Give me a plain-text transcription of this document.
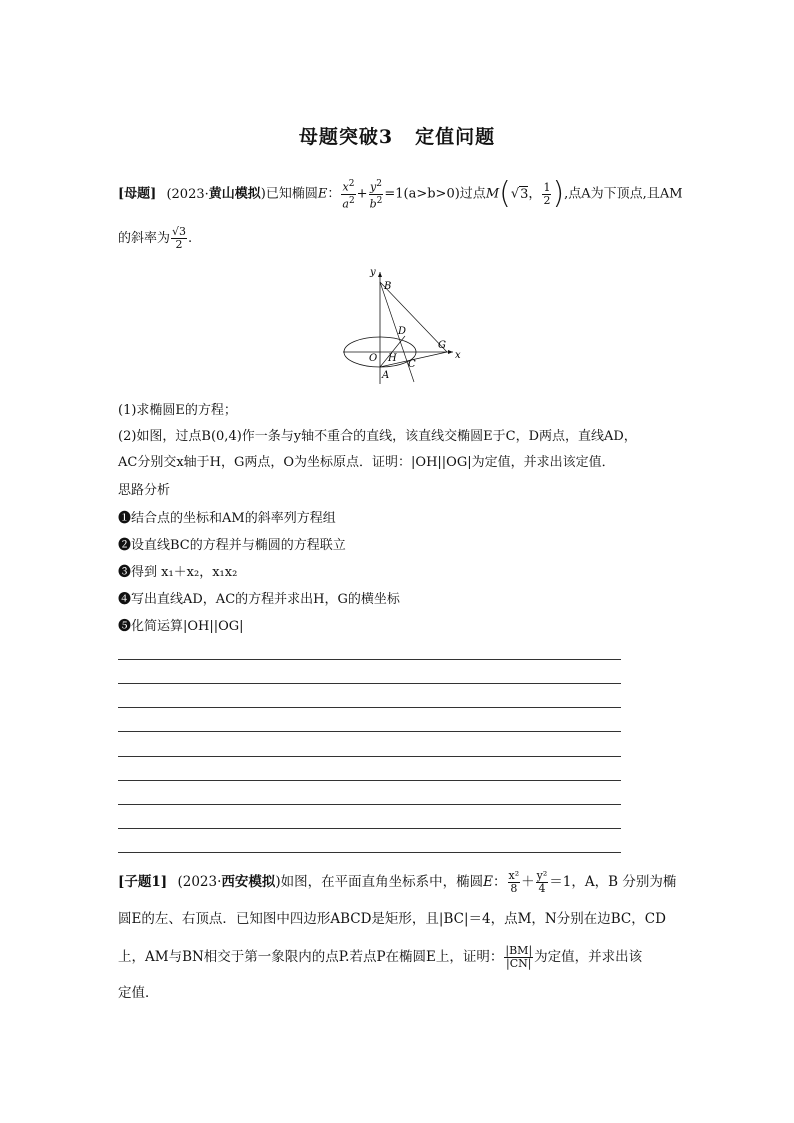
母题突破3 定值问题
[母题] (2023·黄山模拟)已知椭圆E： $\frac{x^2}{a^2} + \frac{y^2}{b^2} =1(a>b>0)$过点M(√3， $\frac{1}{2}$ ),点A为下顶点,且AM
的斜率为 $\frac{√3}{2}$ .
y
x
B
D
G
O H
C
A
(1)求椭圆E的方程；
(2)如图，过点B(0,4)作一条与y轴不重合的直线，该直线交椭圆E于C，D两点，直线AD，
AC分别交x轴于H，G两点，O为坐标原点．证明：|OH||OG|为定值，并求出该定值．
思路分析
❶结合点的坐标和AM的斜率列方程组
❷设直线BC的方程并与椭圆的方程联立
❸得到 x₁＋x₂，x₁x₂
❹写出直线AD，AC的方程并求出H，G的横坐标
❺化简运算|OH||OG|
[子题1] (2023·西安模拟)如图，在平面直角坐标系中，椭圆E： $\frac{\text{x²}}{8} + \frac{\text{y²}}{4} =1$，A，B 分别为椭
圆E的左、右顶点．已知图中四边形ABCD是矩形，且|BC|＝4，点M，N分别在边BC，CD
上，AM与BN相交于第一象限内的点P.若点P在椭圆E上，证明： $\frac{|BM|}{|CN|}$ 为定值，并求出该
定值．
